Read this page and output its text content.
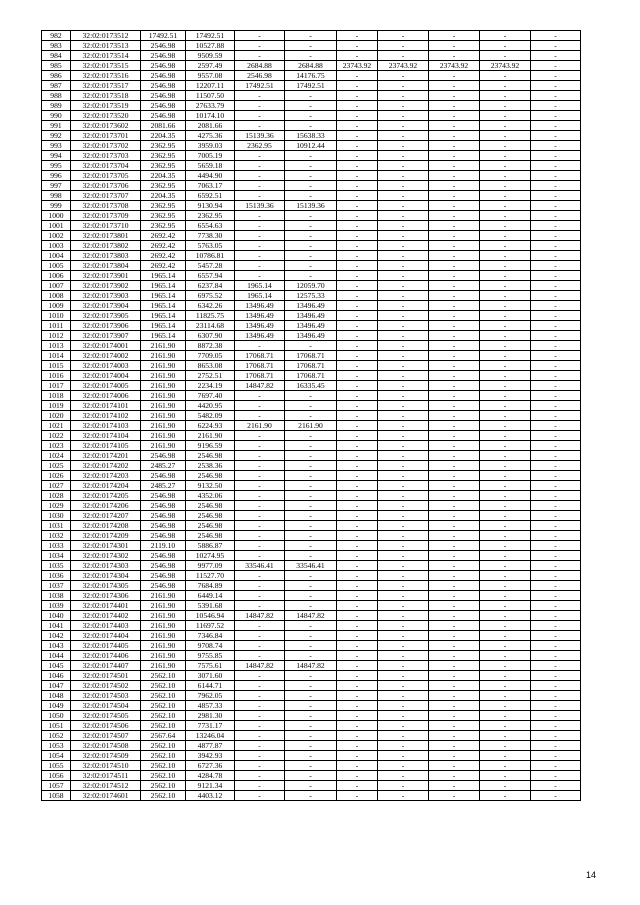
982	32:02:0173512	17492.51	17492.51	-	-	-	-	-	-	-
983	32:02:0173513	2546.98	10527.88	-	-	-	-	-	-	-
984	32:02:0173514	2546.98	9509.59	-	-	-	-	-	-	-
985	32:02:0173515	2546.98	2597.49	2684.88	2684.88	23743.92	23743.92	23743.92	23743.92	-
986	32:02:0173516	2546.98	9557.08	2546.98	14176.75	-	-	-	-	-
987	32:02:0173517	2546.98	12207.11	17492.51	17492.51	-	-	-	-	-
988	32:02:0173518	2546.98	11507.50	-	-	-	-	-	-	-
989	32:02:0173519	2546.98	27633.79	-	-	-	-	-	-	-
990	32:02:0173520	2546.98	10174.10	-	-	-	-	-	-	-
991	32:02:0173602	2081.66	2081.66	-	-	-	-	-	-	-
992	32:02:0173701	2204.35	4275.36	15139.36	15638.33	-	-	-	-	-
993	32:02:0173702	2362.95	3959.03	2362.95	10912.44	-	-	-	-	-
994	32:02:0173703	2362.95	7005.19	-	-	-	-	-	-	-
995	32:02:0173704	2362.95	5659.18	-	-	-	-	-	-	-
996	32:02:0173705	2204.35	4494.90	-	-	-	-	-	-	-
997	32:02:0173706	2362.95	7063.17	-	-	-	-	-	-	-
998	32:02:0173707	2204.35	6592.51	-	-	-	-	-	-	-
999	32:02:0173708	2362.95	9130.94	15139.36	15139.36	-	-	-	-	-
1000	32:02:0173709	2362.95	2362.95	-	-	-	-	-	-	-
1001	32:02:0173710	2362.95	6554.63	-	-	-	-	-	-	-
1002	32:02:0173801	2692.42	7738.30	-	-	-	-	-	-	-
1003	32:02:0173802	2692.42	5763.05	-	-	-	-	-	-	-
1004	32:02:0173803	2692.42	10786.81	-	-	-	-	-	-	-
1005	32:02:0173804	2692.42	5457.28	-	-	-	-	-	-	-
1006	32:02:0173901	1965.14	6557.94	-	-	-	-	-	-	-
1007	32:02:0173902	1965.14	6237.84	1965.14	12059.70	-	-	-	-	-
1008	32:02:0173903	1965.14	6975.52	1965.14	12575.33	-	-	-	-	-
1009	32:02:0173904	1965.14	6342.26	13496.49	13496.49	-	-	-	-	-
1010	32:02:0173905	1965.14	11825.75	13496.49	13496.49	-	-	-	-	-
1011	32:02:0173906	1965.14	23114.68	13496.49	13496.49	-	-	-	-	-
1012	32:02:0173907	1965.14	6307.90	13496.49	13496.49	-	-	-	-	-
1013	32:02:0174001	2161.90	8872.38	-	-	-	-	-	-	-
1014	32:02:0174002	2161.90	7709.05	17068.71	17068.71	-	-	-	-	-
1015	32:02:0174003	2161.90	8653.08	17068.71	17068.71	-	-	-	-	-
1016	32:02:0174004	2161.90	2752.51	17068.71	17068.71	-	-	-	-	-
1017	32:02:0174005	2161.90	2234.19	14847.82	16335.45	-	-	-	-	-
1018	32:02:0174006	2161.90	7697.40	-	-	-	-	-	-	-
1019	32:02:0174101	2161.90	4420.95	-	-	-	-	-	-	-
1020	32:02:0174102	2161.90	5482.09	-	-	-	-	-	-	-
1021	32:02:0174103	2161.90	6224.93	2161.90	2161.90	-	-	-	-	-
1022	32:02:0174104	2161.90	2161.90	-	-	-	-	-	-	-
1023	32:02:0174105	2161.90	9196.59	-	-	-	-	-	-	-
1024	32:02:0174201	2546.98	2546.98	-	-	-	-	-	-	-
1025	32:02:0174202	2485.27	2538.36	-	-	-	-	-	-	-
1026	32:02:0174203	2546.98	2546.98	-	-	-	-	-	-	-
1027	32:02:0174204	2485.27	9132.50	-	-	-	-	-	-	-
1028	32:02:0174205	2546.98	4352.06	-	-	-	-	-	-	-
1029	32:02:0174206	2546.98	2546.98	-	-	-	-	-	-	-
1030	32:02:0174207	2546.98	2546.98	-	-	-	-	-	-	-
1031	32:02:0174208	2546.98	2546.98	-	-	-	-	-	-	-
1032	32:02:0174209	2546.98	2546.98	-	-	-	-	-	-	-
1033	32:02:0174301	2119.10	5886.87	-	-	-	-	-	-	-
1034	32:02:0174302	2546.98	10274.95	-	-	-	-	-	-	-
1035	32:02:0174303	2546.98	9977.09	33546.41	33546.41	-	-	-	-	-
1036	32:02:0174304	2546.98	11527.70	-	-	-	-	-	-	-
1037	32:02:0174305	2546.98	7684.89	-	-	-	-	-	-	-
1038	32:02:0174306	2161.90	6449.14	-	-	-	-	-	-	-
1039	32:02:0174401	2161.90	5391.68	-	-	-	-	-	-	-
1040	32:02:0174402	2161.90	10546.94	14847.82	14847.82	-	-	-	-	-
1041	32:02:0174403	2161.90	11697.52	-	-	-	-	-	-	-
1042	32:02:0174404	2161.90	7346.84	-	-	-	-	-	-	-
1043	32:02:0174405	2161.90	9708.74	-	-	-	-	-	-	-
1044	32:02:0174406	2161.90	9755.85	-	-	-	-	-	-	-
1045	32:02:0174407	2161.90	7575.61	14847.82	14847.82	-	-	-	-	-
1046	32:02:0174501	2562.10	3071.60	-	-	-	-	-	-	-
1047	32:02:0174502	2562.10	6144.71	-	-	-	-	-	-	-
1048	32:02:0174503	2562.10	7962.05	-	-	-	-	-	-	-
1049	32:02:0174504	2562.10	4857.33	-	-	-	-	-	-	-
1050	32:02:0174505	2562.10	2981.30	-	-	-	-	-	-	-
1051	32:02:0174506	2562.10	7731.17	-	-	-	-	-	-	-
1052	32:02:0174507	2567.64	13246.04	-	-	-	-	-	-	-
1053	32:02:0174508	2562.10	4877.87	-	-	-	-	-	-	-
1054	32:02:0174509	2562.10	3942.93	-	-	-	-	-	-	-
1055	32:02:0174510	2562.10	6727.36	-	-	-	-	-	-	-
1056	32:02:0174511	2562.10	4284.78	-	-	-	-	-	-	-
1057	32:02:0174512	2562.10	9121.34	-	-	-	-	-	-	-
1058	32:02:0174601	2562.10	4403.12	-	-	-	-	-	-	-
14
